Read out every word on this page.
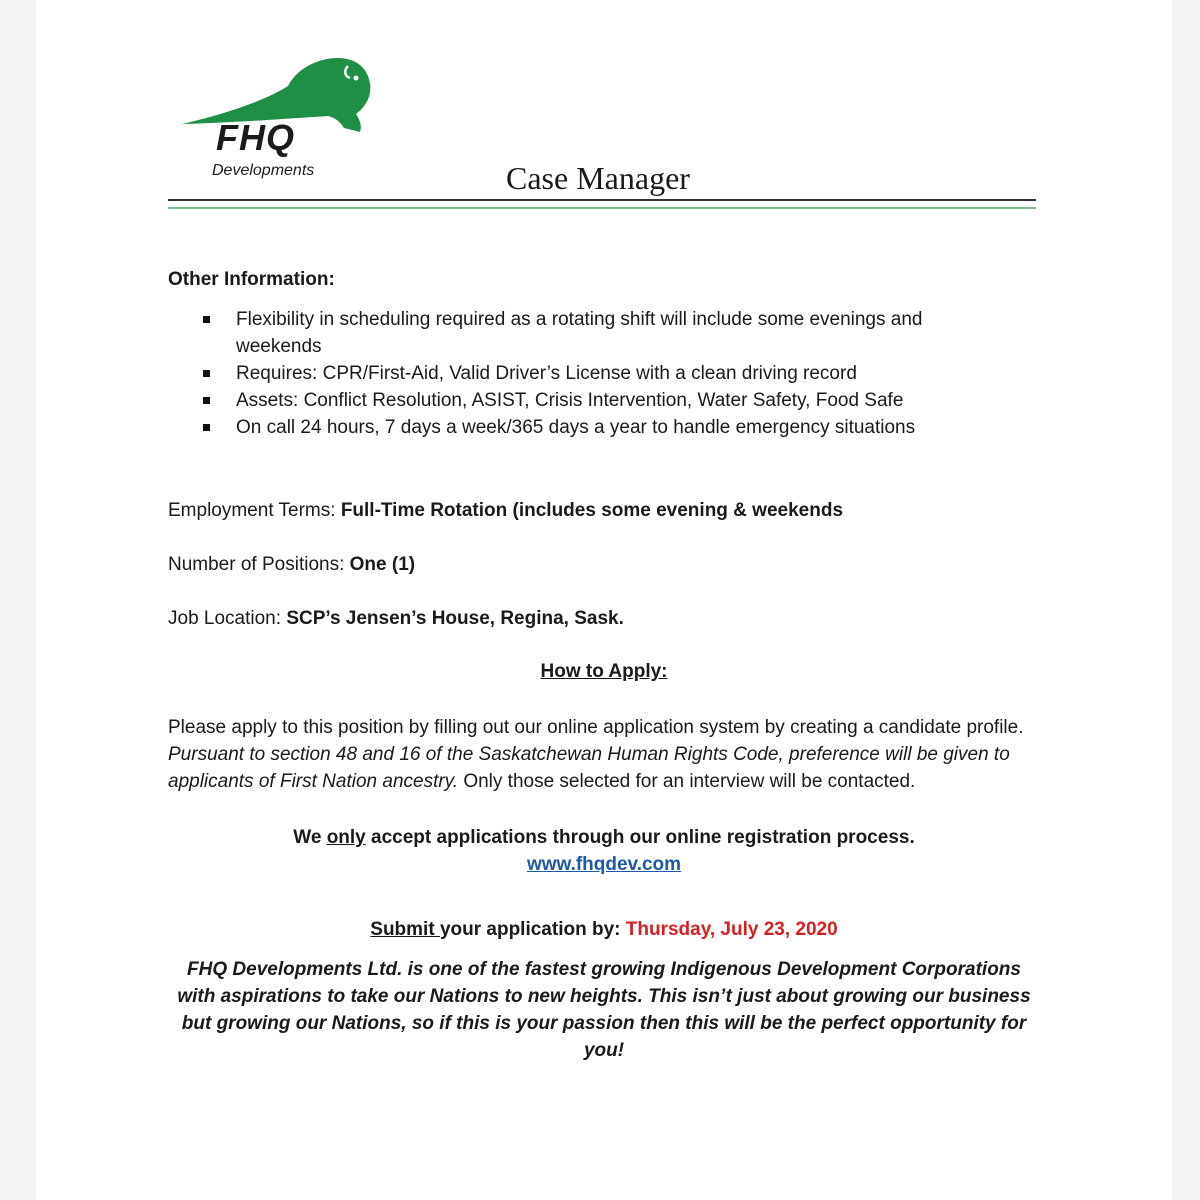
FHQ
Developments	Case Manager
Other Information:
Flexibility in scheduling required as a rotating shift will include some evenings and weekends
Requires: CPR/First-Aid, Valid Driver’s License with a clean driving record
Assets: Conflict Resolution, ASIST, Crisis Intervention, Water Safety, Food Safe
On call 24 hours, 7 days a week/365 days a year to handle emergency situations
Employment Terms: Full-Time Rotation (includes some evening & weekends
Number of Positions: One (1)
Job Location: SCP’s Jensen’s House, Regina, Sask.
How to Apply:
Please apply to this position by filling out our online application system by creating a candidate profile. Pursuant to section 48 and 16 of the Saskatchewan Human Rights Code, preference will be given to applicants of First Nation ancestry. Only those selected for an interview will be contacted.
We only accept applications through our online registration process.
www.fhqdev.com
Submit your application by: Thursday, July 23, 2020
FHQ Developments Ltd. is one of the fastest growing Indigenous Development Corporations with aspirations to take our Nations to new heights. This isn’t just about growing our business but growing our Nations, so if this is your passion then this will be the perfect opportunity for you!
